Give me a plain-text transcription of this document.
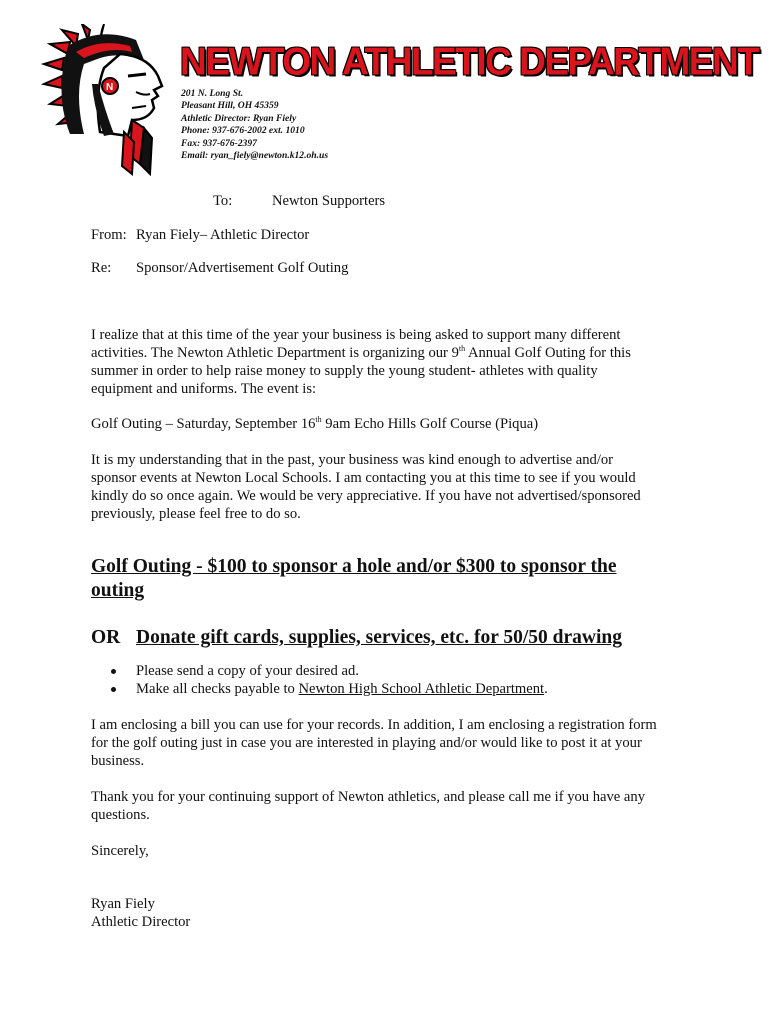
N
NEWTON ATHLETIC DEPARTMENT
201 N. Long St.
Pleasant Hill, OH 45359
Athletic Director: Ryan Fiely
Phone: 937-676-2002 ext. 1010
Fax: 937-676-2397
Email: ryan_fiely@newton.k12.oh.us
To:	Newton Supporters
From: Ryan Fiely– Athletic Director
Re: Sponsor/Advertisement Golf Outing
I realize that at this time of the year your business is being asked to support many different
activities. The Newton Athletic Department is organizing our 9th Annual Golf Outing for this
summer in order to help raise money to supply the young student- athletes with quality
equipment and uniforms. The event is:
Golf Outing – Saturday, September 16th 9am Echo Hills Golf Course (Piqua)
It is my understanding that in the past, your business was kind enough to advertise and/or
sponsor events at Newton Local Schools. I am contacting you at this time to see if you would
kindly do so once again. We would be very appreciative. If you have not advertised/sponsored
previously, please feel free to do so.
Golf Outing - $100 to sponsor a hole and/or $300 to sponsor the
outing
OR Donate gift cards, supplies, services, etc. for 50/50 drawing
Please send a copy of your desired ad.
Make all checks payable to Newton High School Athletic Department.
I am enclosing a bill you can use for your records. In addition, I am enclosing a registration form
for the golf outing just in case you are interested in playing and/or would like to post it at your
business.
Thank you for your continuing support of Newton athletics, and please call me if you have any
questions.
Sincerely,
Ryan Fiely
Athletic Director
